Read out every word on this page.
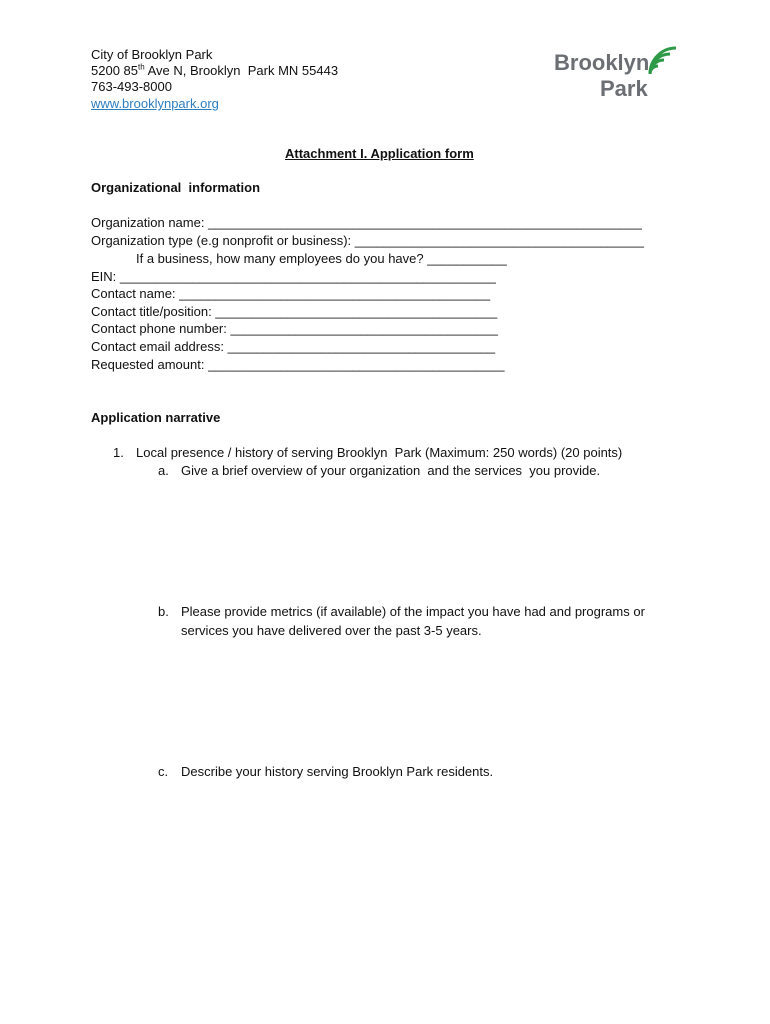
City of Brooklyn Park
5200 85th Ave N, Brooklyn  Park MN 55443
763-493-8000
www.brooklynpark.org
Brooklyn
Park
Attachment I. Application form
Organizational  information
Organization name: ____________________________________________________________
Organization type (e.g nonprofit or business): ________________________________________
If a business, how many employees do you have? ___________
EIN: ____________________________________________________
Contact name: ___________________________________________
Contact title/position: _______________________________________
Contact phone number: _____________________________________
Contact email address: _____________________________________
Requested amount: _________________________________________
Application narrative
1. Local presence / history of serving Brooklyn  Park (Maximum: 250 words) (20 points)
a. Give a brief overview of your organization  and the services  you provide.
b. Please provide metrics (if available) of the impact you have had and programs or
services you have delivered over the past 3-5 years.
c. Describe your history serving Brooklyn Park residents.
